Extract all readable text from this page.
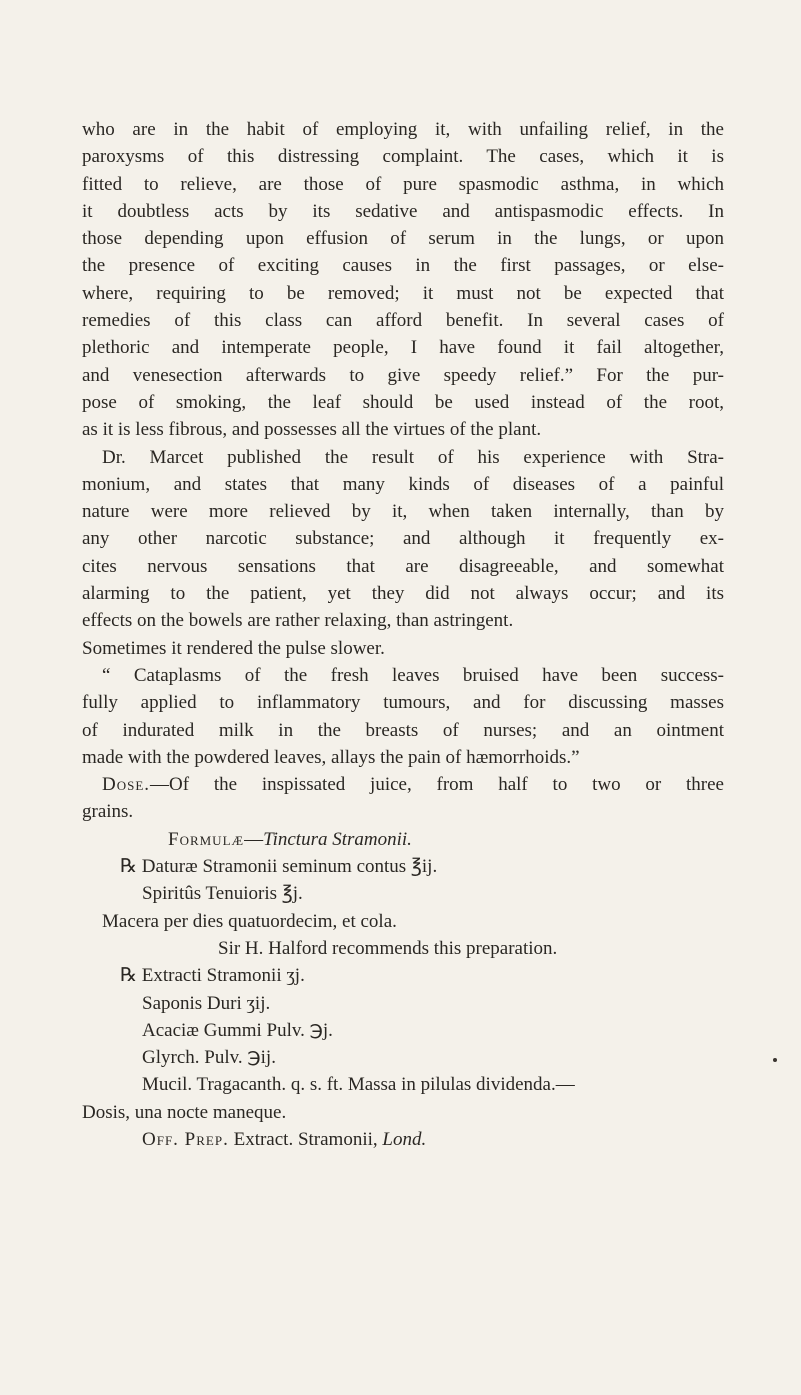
who are in the habit of employing it, with unfailing relief, in the
paroxysms of this distressing complaint. The cases, which it is
fitted to relieve, are those of pure spasmodic asthma, in which
it doubtless acts by its sedative and antispasmodic effects. In
those depending upon effusion of serum in the lungs, or upon
the presence of exciting causes in the first passages, or else-
where, requiring to be removed; it must not be expected that
remedies of this class can afford benefit. In several cases of
plethoric and intemperate people, I have found it fail altogether,
and venesection afterwards to give speedy relief.” For the pur-
pose of smoking, the leaf should be used instead of the root,
as it is less fibrous, and possesses all the virtues of the plant.

Dr. Marcet published the result of his experience with Stra-
monium, and states that many kinds of diseases of a painful
nature were more relieved by it, when taken internally, than by
any other narcotic substance; and although it frequently ex-
cites nervous sensations that are disagreeable, and somewhat
alarming to the patient, yet they did not always occur; and its
effects on the bowels are rather relaxing, than astringent.
Sometimes it rendered the pulse slower.

“ Cataplasms of the fresh leaves bruised have been success-
fully applied to inflammatory tumours, and for discussing masses
of indurated milk in the breasts of nurses; and an ointment
made with the powdered leaves, allays the pain of hæmorrhoids.”

Dose.—Of the inspissated juice, from half to two or three
grains.

Formulæ—Tinctura Stramonii.
℞ Daturæ Stramonii seminum contus ℥ij.
Spiritûs Tenuioris ℥j.
Macera per dies quatuordecim, et cola.
Sir H. Halford recommends this preparation.
℞ Extracti Stramonii ʒj.
Saponis Duri ʒij.
Acaciæ Gummi Pulv. ℈j.
Glyrch. Pulv. ℈ij.
Mucil. Tragacanth. q. s. ft. Massa in pilulas dividenda.—
Dosis, una nocte maneque.
Off. Prep. Extract. Stramonii, Lond.
